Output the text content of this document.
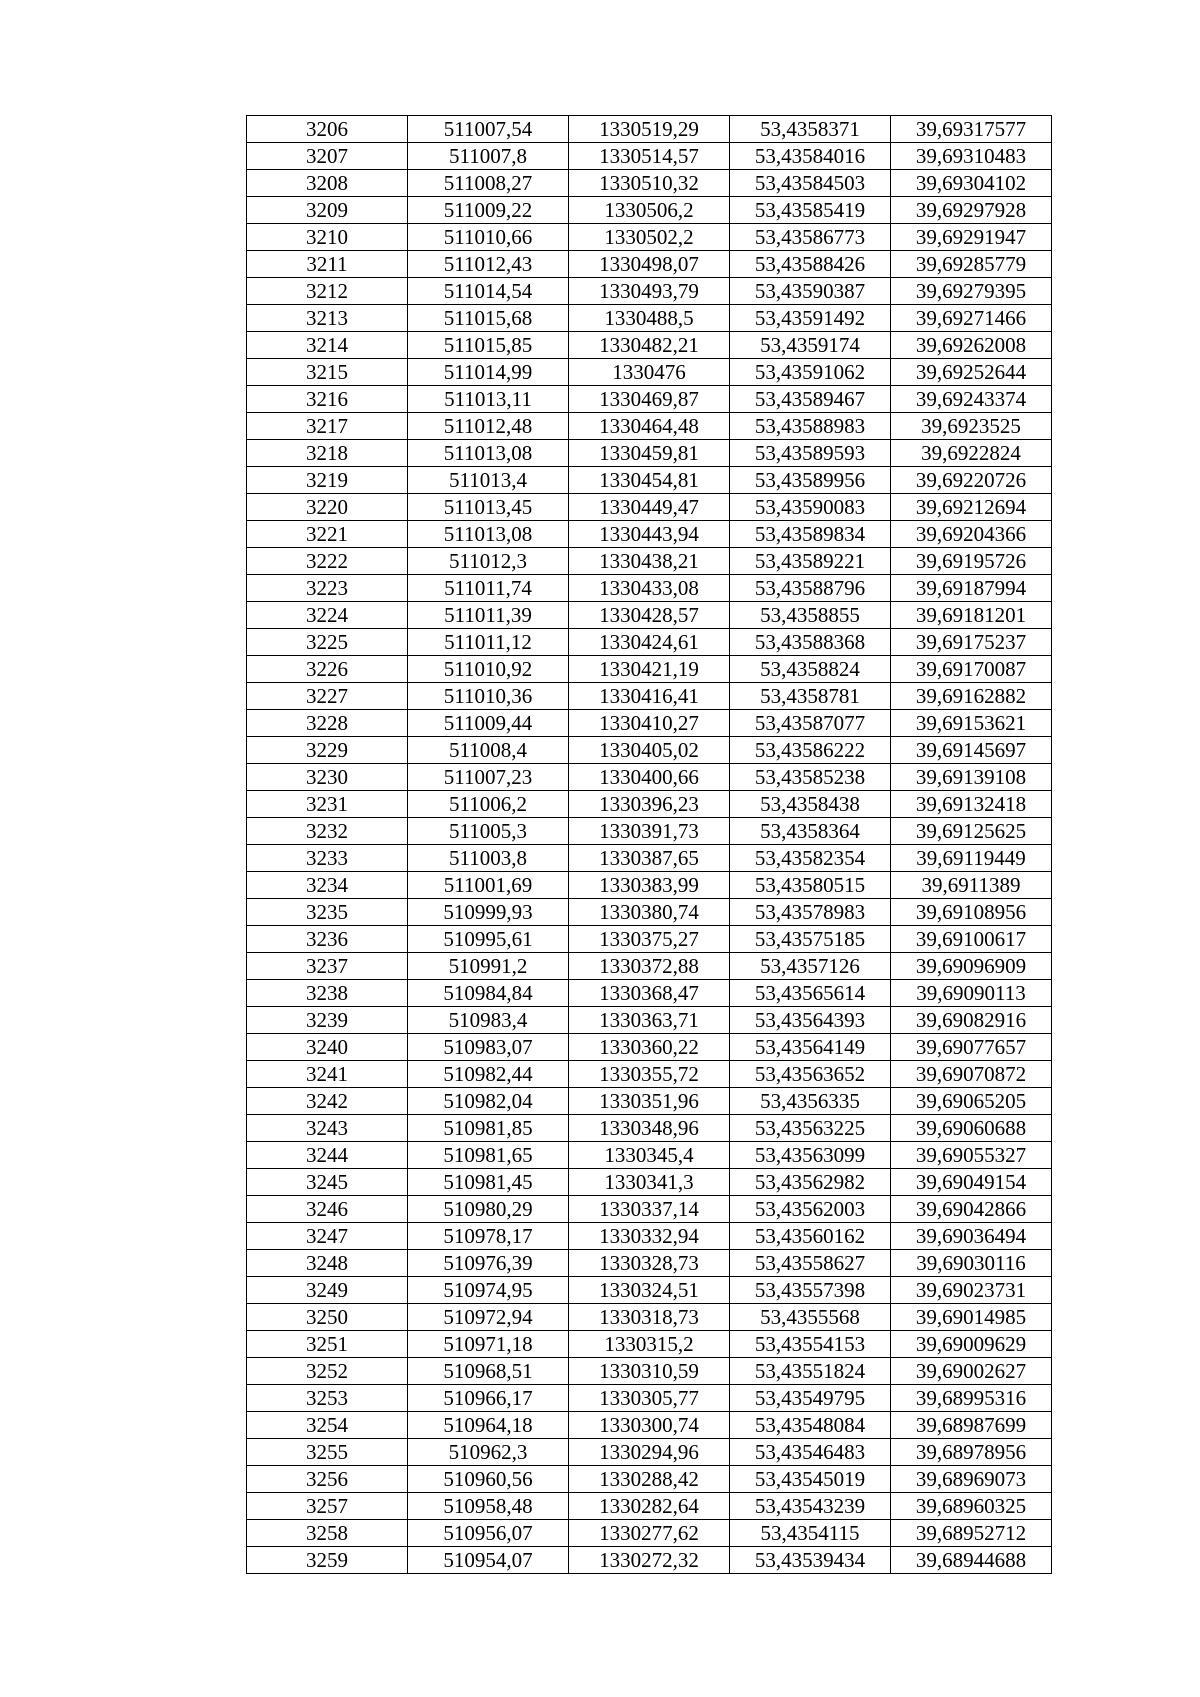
3206	511007,54	1330519,29	53,4358371	39,69317577
3207	511007,8	1330514,57	53,43584016	39,69310483
3208	511008,27	1330510,32	53,43584503	39,69304102
3209	511009,22	1330506,2	53,43585419	39,69297928
3210	511010,66	1330502,2	53,43586773	39,69291947
3211	511012,43	1330498,07	53,43588426	39,69285779
3212	511014,54	1330493,79	53,43590387	39,69279395
3213	511015,68	1330488,5	53,43591492	39,69271466
3214	511015,85	1330482,21	53,4359174	39,69262008
3215	511014,99	1330476	53,43591062	39,69252644
3216	511013,11	1330469,87	53,43589467	39,69243374
3217	511012,48	1330464,48	53,43588983	39,6923525
3218	511013,08	1330459,81	53,43589593	39,6922824
3219	511013,4	1330454,81	53,43589956	39,69220726
3220	511013,45	1330449,47	53,43590083	39,69212694
3221	511013,08	1330443,94	53,43589834	39,69204366
3222	511012,3	1330438,21	53,43589221	39,69195726
3223	511011,74	1330433,08	53,43588796	39,69187994
3224	511011,39	1330428,57	53,4358855	39,69181201
3225	511011,12	1330424,61	53,43588368	39,69175237
3226	511010,92	1330421,19	53,4358824	39,69170087
3227	511010,36	1330416,41	53,4358781	39,69162882
3228	511009,44	1330410,27	53,43587077	39,69153621
3229	511008,4	1330405,02	53,43586222	39,69145697
3230	511007,23	1330400,66	53,43585238	39,69139108
3231	511006,2	1330396,23	53,4358438	39,69132418
3232	511005,3	1330391,73	53,4358364	39,69125625
3233	511003,8	1330387,65	53,43582354	39,69119449
3234	511001,69	1330383,99	53,43580515	39,6911389
3235	510999,93	1330380,74	53,43578983	39,69108956
3236	510995,61	1330375,27	53,43575185	39,69100617
3237	510991,2	1330372,88	53,4357126	39,69096909
3238	510984,84	1330368,47	53,43565614	39,69090113
3239	510983,4	1330363,71	53,43564393	39,69082916
3240	510983,07	1330360,22	53,43564149	39,69077657
3241	510982,44	1330355,72	53,43563652	39,69070872
3242	510982,04	1330351,96	53,4356335	39,69065205
3243	510981,85	1330348,96	53,43563225	39,69060688
3244	510981,65	1330345,4	53,43563099	39,69055327
3245	510981,45	1330341,3	53,43562982	39,69049154
3246	510980,29	1330337,14	53,43562003	39,69042866
3247	510978,17	1330332,94	53,43560162	39,69036494
3248	510976,39	1330328,73	53,43558627	39,69030116
3249	510974,95	1330324,51	53,43557398	39,69023731
3250	510972,94	1330318,73	53,4355568	39,69014985
3251	510971,18	1330315,2	53,43554153	39,69009629
3252	510968,51	1330310,59	53,43551824	39,69002627
3253	510966,17	1330305,77	53,43549795	39,68995316
3254	510964,18	1330300,74	53,43548084	39,68987699
3255	510962,3	1330294,96	53,43546483	39,68978956
3256	510960,56	1330288,42	53,43545019	39,68969073
3257	510958,48	1330282,64	53,43543239	39,68960325
3258	510956,07	1330277,62	53,4354115	39,68952712
3259	510954,07	1330272,32	53,43539434	39,68944688
